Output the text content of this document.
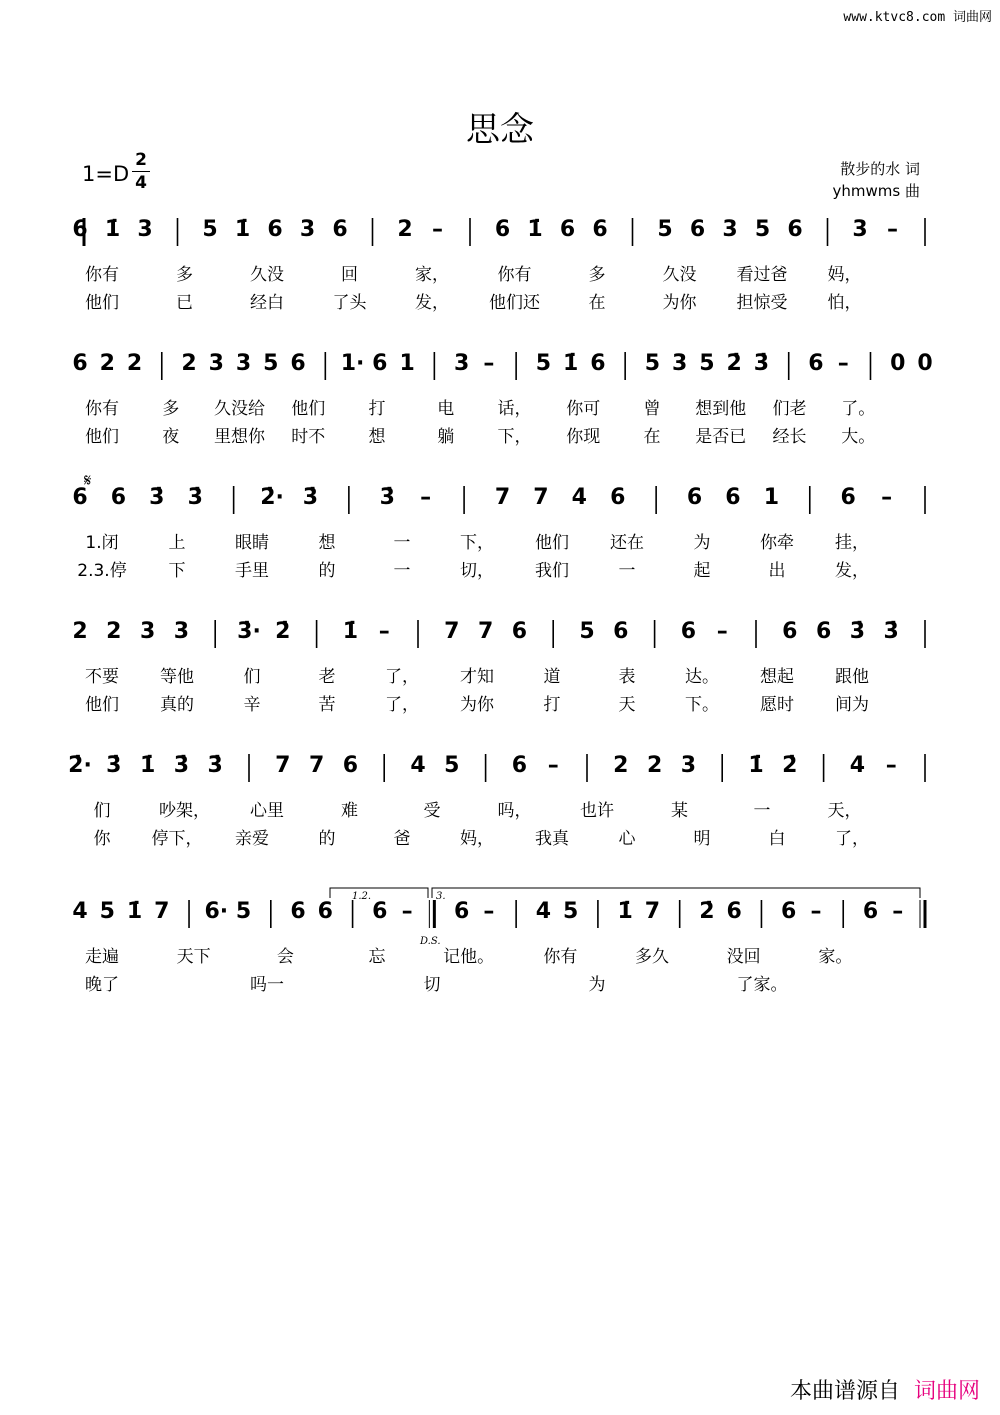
www.ktvc8.com 词曲网
思念
1=D
2
4
散步的水 词
yhmwms 曲
6 1̇ 3 5 1̇ 6 3 6 2 – 6 1̇ 6 6 5 6 3 5 6 3 –
你有	多	久没	回	家，	你有	多	久没 看过爸 妈，
他们	已	经白	了头	发， 他们还	在	为你 担惊受 怕，
6 2 2 2 3 3 5 6 1· 6 1 3 – 5 1̇ 6 5 3 5 2̇ 3̇ 6 – 0 0
你有	多 久没给 他们	打	电	话， 你可	曾 想到他 们老 了。
他们	夜 里想你 时不	想	躺	下， 你现	在 是否已 经长 大。
6 6 3̇ 3̇	2̇· 3̇	3̇ –	7 7 4 6	6 6 1	6 –
1.闭	上	眼睛	想	一	下， 他们 还在	为	你牵 挂，
2.3.停 下	手里	的	一	切， 我们	一	起	出	发，
2 2 3 3 3̇· 2̇ 1̇ – 7 7 6 5 6 6 – 6 6 3̇ 3̇
不要 等他	们	老	了， 才知	道	表	达。 想起 跟他
他们 真的	辛	苦	了， 为你	打	天	下。 愿时 间为
2̇· 3̇ 1̇ 3̇ 3̇ 7 7 6 4 5 6 – 2 2 3 1̇ 2̇ 4 –
们	吵架， 心里	难	受	吗，	也许	某	一	天，
你 停下， 亲爱	的	爸	妈， 我真	心	明	白	了，
4 5 1̇ 7 6· 5 6 6 6 – 6 – 4 5 1̇ 7 2̇ 6 6 – 6 –
走遍	天下	会	忘	记他。	你有	多久	没回	家。
晚了	吗一	切	为	了家。
𝄋
1.2.	3.
D.S.
本曲谱源自 词曲网
